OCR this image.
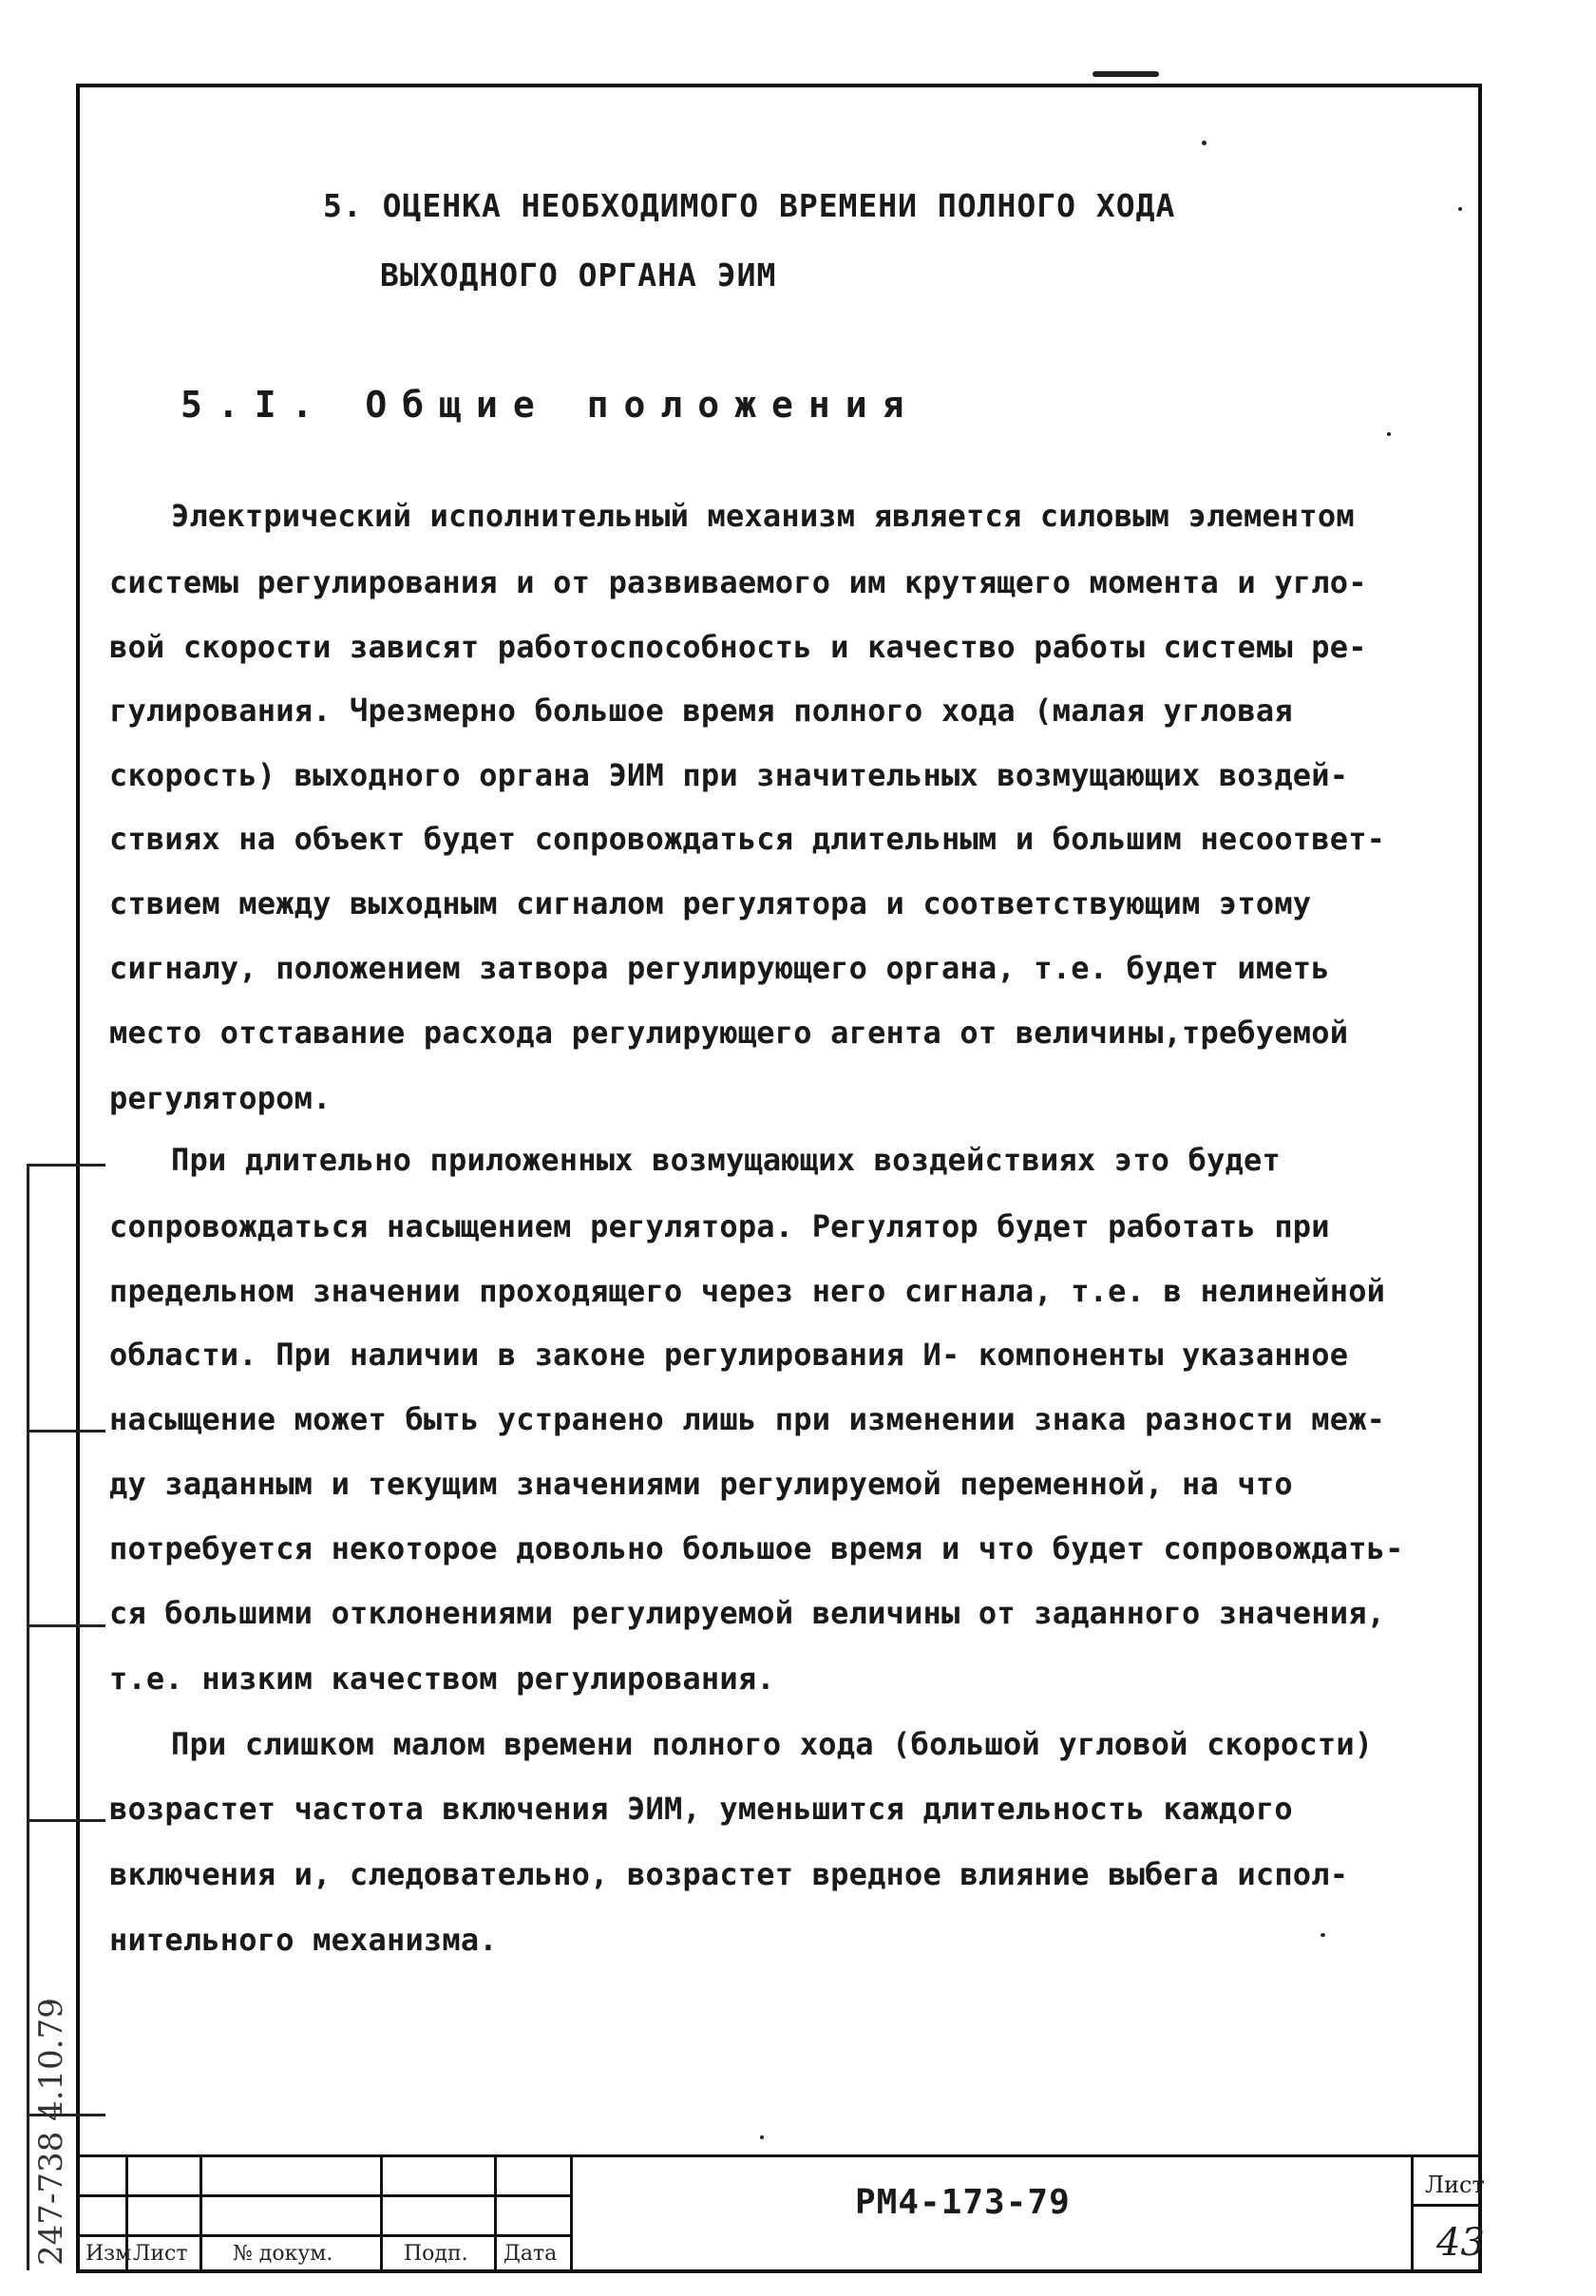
5. ОЦЕНКА НЕОБХОДИМОГО ВРЕМЕНИ ПОЛНОГО ХОДА
ВЫХОДНОГО ОРГАНА ЭИМ
5.I. Общие положения
Электрический исполнительный механизм является силовым элементом
системы регулирования и от развиваемого им крутящего момента и угло-
вой скорости зависят работоспособность и качество работы системы ре-
гулирования. Чрезмерно большое время полного хода (малая угловая
скорость) выходного органа ЭИМ при значительных возмущающих воздей-
ствиях на объект будет сопровождаться длительным и большим несоответ-
ствием между выходным сигналом регулятора и соответствующим этому
сигналу, положением затвора регулирующего органа, т.е. будет иметь
место отставание расхода регулирующего агента от величины,требуемой
регулятором.
При длительно приложенных возмущающих воздействиях это будет
сопровождаться насыщением регулятора. Регулятор будет работать при
предельном значении проходящего через него сигнала, т.е. в нелинейной
области. При наличии в законе регулирования И- компоненты указанное
насыщение может быть устранено лишь при изменении знака разности меж-
ду заданным и текущим значениями регулируемой переменной, на что
потребуется некоторое довольно большое время и что будет сопровождать-
ся большими отклонениями регулируемой величины от заданного значения,
т.е. низким качеством регулирования.
При слишком малом времени полного хода (большой угловой скорости)
возрастет частота включения ЭИМ, уменьшится длительность каждого
включения и, следовательно, возрастет вредное влияние выбега испол-
нительного механизма.
247-738 4.10.79 Изм Лист № докум.	Подп. Дата
РМ4-173-79	Лист
43
